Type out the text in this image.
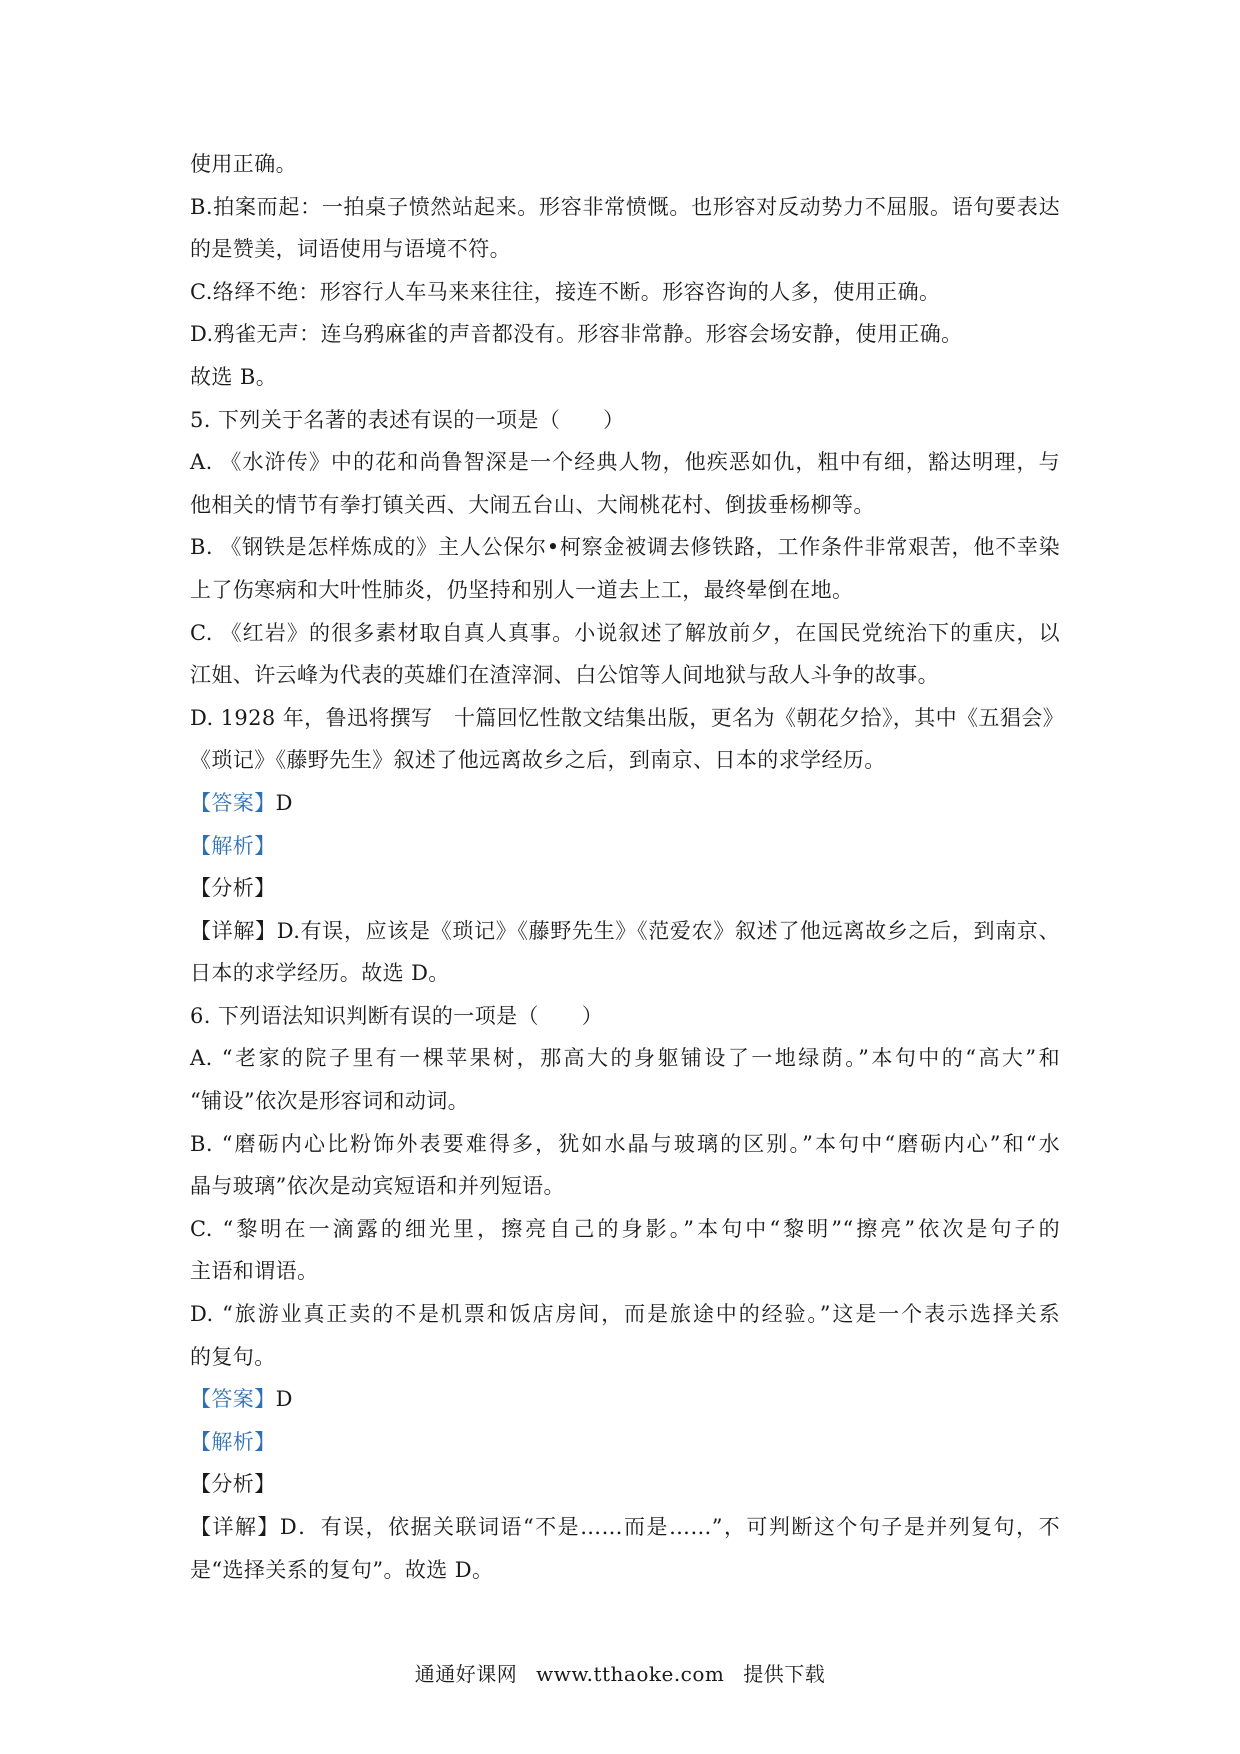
使用正确。
B.拍案而起：一拍桌子愤然站起来。形容非常愤慨。也形容对反动势力不屈服。语句要表达
的是赞美，词语使用与语境不符。
C.络绎不绝：形容行人车马来来往往，接连不断。形容咨询的人多，使用正确。
D.鸦雀无声：连乌鸦麻雀的声音都没有。形容非常静。形容会场安静，使用正确。
故选 B。
5. 下列关于名著的表述有误的一项是（　　）
A. 《水浒传》中的花和尚鲁智深是一个经典人物，他疾恶如仇，粗中有细，豁达明理，与
他相关的情节有拳打镇关西、大闹五台山、大闹桃花村、倒拔垂杨柳等。
B. 《钢铁是怎样炼成的》主人公保尔•柯察金被调去修铁路，工作条件非常艰苦，他不幸染
上了伤寒病和大叶性肺炎，仍坚持和别人一道去上工，最终晕倒在地。
C. 《红岩》的很多素材取自真人真事。小说叙述了解放前夕，在国民党统治下的重庆，以
江姐、许云峰为代表的英雄们在渣滓洞、白公馆等人间地狱与敌人斗争的故事。
D. 1928 年，鲁迅将撰写　十篇回忆性散文结集出版，更名为《朝花夕拾》，其中《五猖会》
《琐记》《藤野先生》叙述了他远离故乡之后，到南京、日本的求学经历。
【答案】D
【解析】
【分析】
【详解】D.有误，应该是《琐记》《藤野先生》《范爱农》叙述了他远离故乡之后，到南京、
日本的求学经历。故选 D。
6. 下列语法知识判断有误的一项是（　　）
A. “老家的院子里有一棵苹果树，那高大的身躯铺设了一地绿荫。”本句中的“高大”和
“铺设”依次是形容词和动词。
B. “磨砺内心比粉饰外表要难得多，犹如水晶与玻璃的区别。”本句中“磨砺内心”和“水
晶与玻璃”依次是动宾短语和并列短语。
C. “黎明在一滴露的细光里，擦亮自己的身影。”本句中“黎明”“擦亮”依次是句子的
主语和谓语。
D. “旅游业真正卖的不是机票和饭店房间，而是旅途中的经验。”这是一个表示选择关系
的复句。
【答案】D
【解析】
【分析】
【详解】D．有误，依据关联词语“不是……而是……”，可判断这个句子是并列复句，不
是“选择关系的复句”。故选 D。
通通好课网 www.tthaoke.com 提供下载
